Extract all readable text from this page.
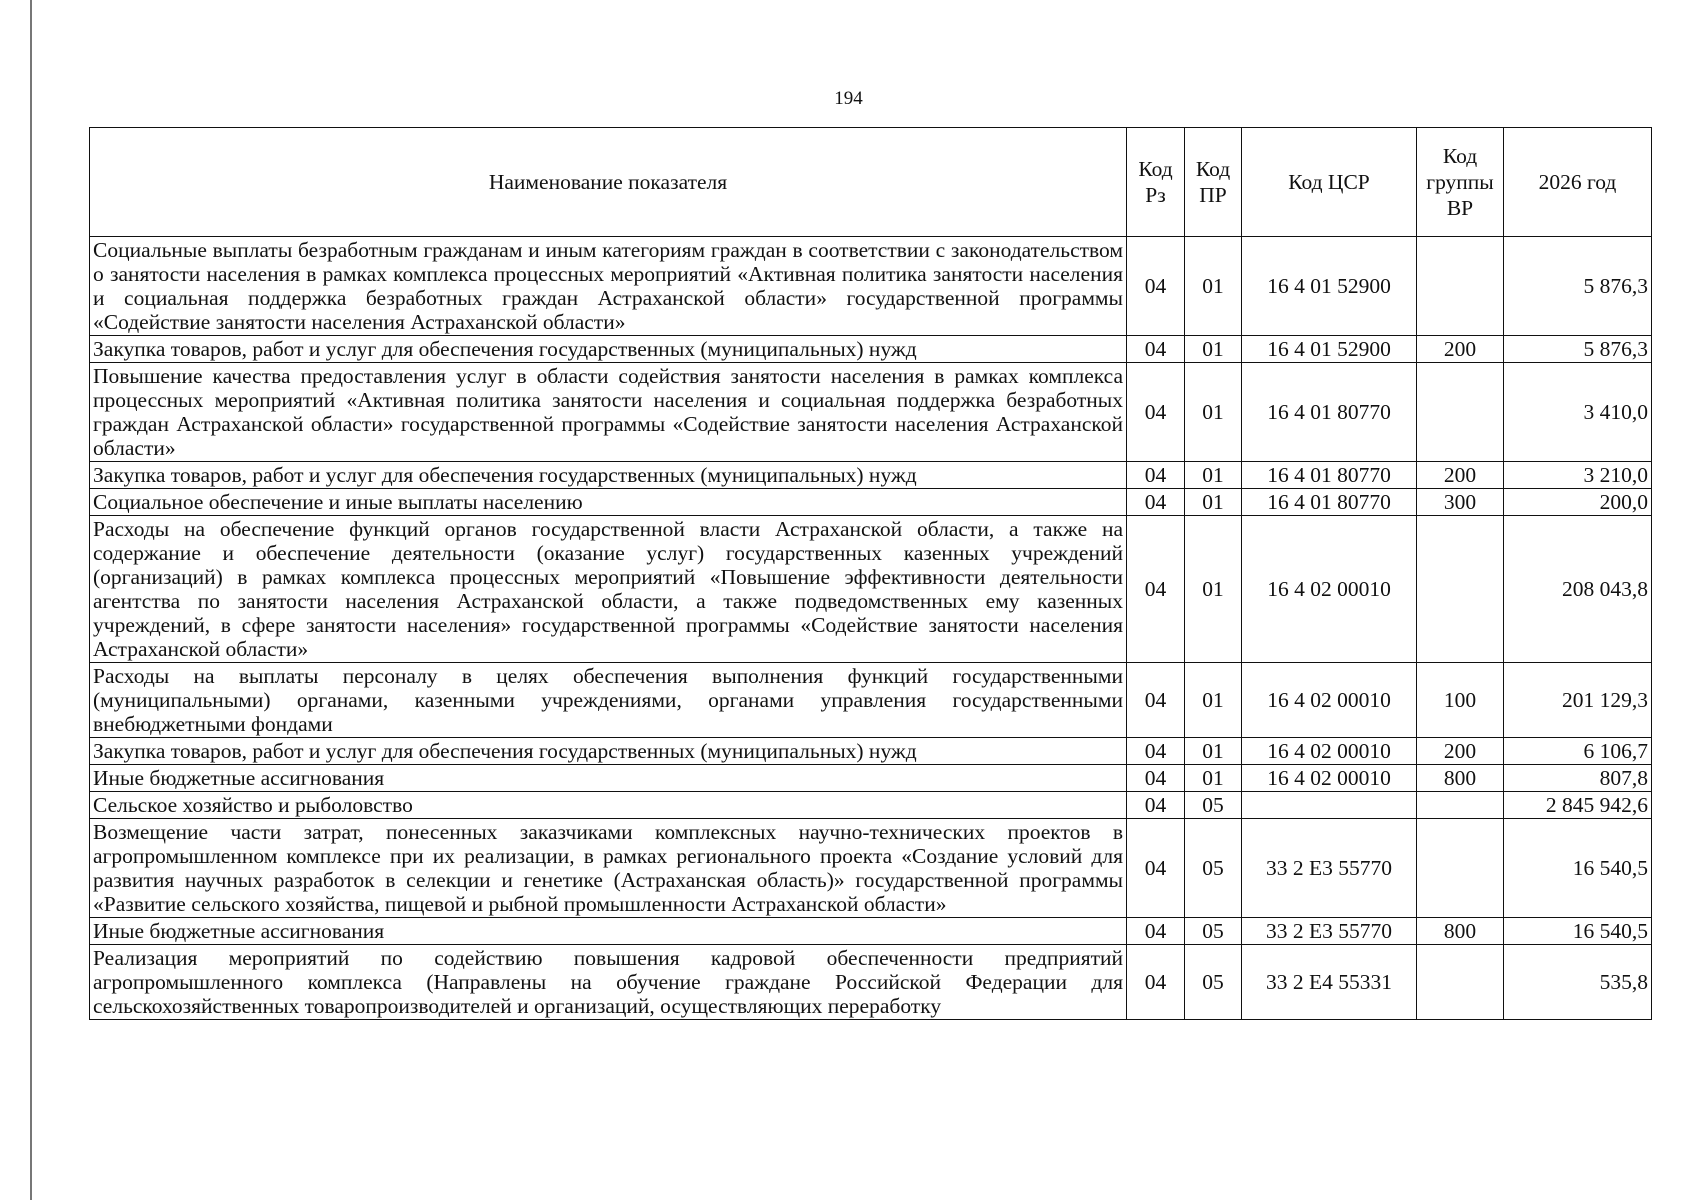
194
Наименование показателя	Код Рз	Код ПР	Код ЦСР	Код группы ВР	2026 год
Социальные выплаты безработным гражданам и иным категориям граждан в соответствии с законодательством о занятости населения в рамках комплекса процессных мероприятий «Активная политика занятости населения и социальная поддержка безработных граждан Астраханской области» государственной программы «Содействие занятости населения Астраханской области»	04	01	16 4 01 52900		5 876,3
Закупка товаров, работ и услуг для обеспечения государственных (муниципальных) нужд	04	01	16 4 01 52900	200	5 876,3
Повышение качества предоставления услуг в области содействия занятости населения в рамках комплекса процессных мероприятий «Активная политика занятости населения и социальная поддержка безработных граждан Астраханской области» государственной программы «Содействие занятости населения Астраханской области»	04	01	16 4 01 80770		3 410,0
Закупка товаров, работ и услуг для обеспечения государственных (муниципальных) нужд	04	01	16 4 01 80770	200	3 210,0
Социальное обеспечение и иные выплаты населению	04	01	16 4 01 80770	300	200,0
Расходы на обеспечение функций органов государственной власти Астраханской области, а также на содержание и обеспечение деятельности (оказание услуг) государственных казенных учреждений (организаций) в рамках комплекса процессных мероприятий «Повышение эффективности деятельности агентства по занятости населения Астраханской области, а также подведомственных ему казенных учреждений, в сфере занятости населения» государственной программы «Содействие занятости населения Астраханской области»	04	01	16 4 02 00010		208 043,8
Расходы на выплаты персоналу в целях обеспечения выполнения функций государственными (муниципальными) органами, казенными учреждениями, органами управления государственными внебюджетными фондами	04	01	16 4 02 00010	100	201 129,3
Закупка товаров, работ и услуг для обеспечения государственных (муниципальных) нужд	04	01	16 4 02 00010	200	6 106,7
Иные бюджетные ассигнования	04	01	16 4 02 00010	800	807,8
Сельское хозяйство и рыболовство	04	05			2 845 942,6
Возмещение части затрат, понесенных заказчиками комплексных научно-технических проектов в агропромышленном комплексе при их реализации, в рамках регионального проекта «Создание условий для развития научных разработок в селекции и генетике (Астраханская область)» государственной программы «Развитие сельского хозяйства, пищевой и рыбной промышленности Астраханской области»	04	05	33 2 Е3 55770		16 540,5
Иные бюджетные ассигнования	04	05	33 2 Е3 55770	800	16 540,5
Реализация мероприятий по содействию повышения кадровой обеспеченности предприятий агропромышленного комплекса (Направлены на обучение граждане Российской Федерации для сельскохозяйственных товаропроизводителей и организаций, осуществляющих переработку	04	05	33 2 Е4 55331		535,8
